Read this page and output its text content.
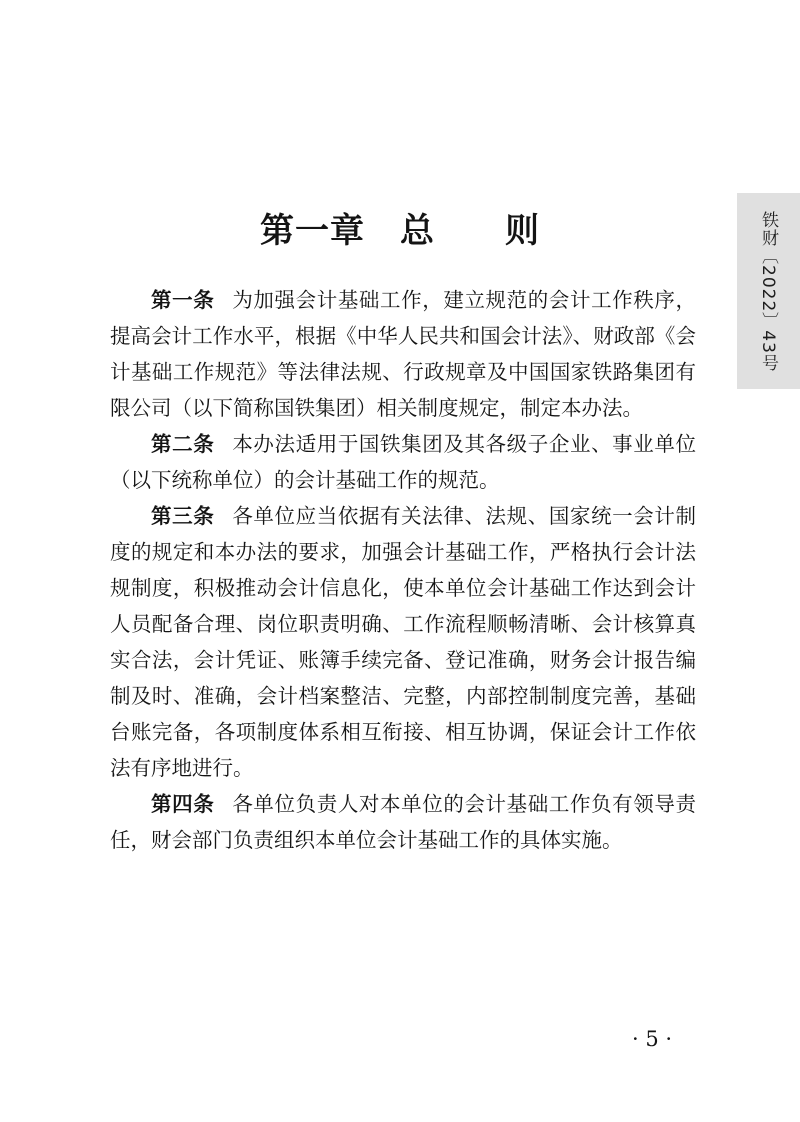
铁财〔2022〕43号
第一章　总　　则

第一条 为加强会计基础工作，建立规范的会计工作秩序，提高会计工作水平，根据《中华人民共和国会计法》、财政部《会计基础工作规范》等法律法规、行政规章及中国国家铁路集团有限公司（以下简称国铁集团）相关制度规定，制定本办法。

第二条 本办法适用于国铁集团及其各级子企业、事业单位（以下统称单位）的会计基础工作的规范。

第三条 各单位应当依据有关法律、法规、国家统一会计制度的规定和本办法的要求，加强会计基础工作，严格执行会计法规制度，积极推动会计信息化，使本单位会计基础工作达到会计人员配备合理、岗位职责明确、工作流程顺畅清晰、会计核算真实合法，会计凭证、账簿手续完备、登记准确，财务会计报告编制及时、准确，会计档案整洁、完整，内部控制制度完善，基础台账完备，各项制度体系相互衔接、相互协调，保证会计工作依法有序地进行。

第四条 各单位负责人对本单位的会计基础工作负有领导责任，财会部门负责组织本单位会计基础工作的具体实施。

· 5 ·
